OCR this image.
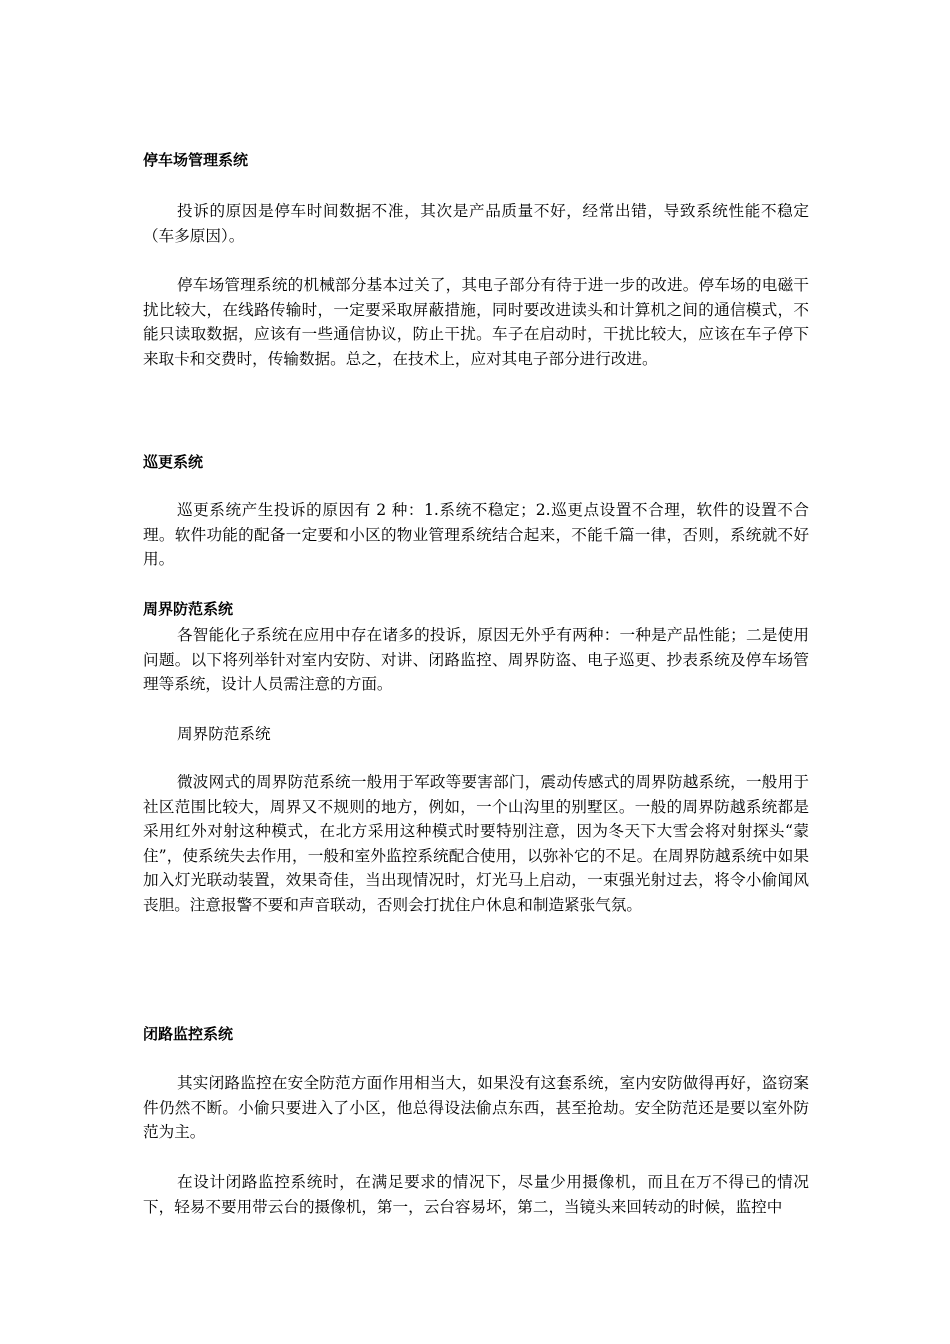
停车场管理系统

投诉的原因是停车时间数据不准，其次是产品质量不好，经常出错，导致系统性能不稳定（车多原因）。

停车场管理系统的机械部分基本过关了，其电子部分有待于进一步的改进。停车场的电磁干扰比较大，在线路传输时，一定要采取屏蔽措施，同时要改进读头和计算机之间的通信模式，不能只读取数据，应该有一些通信协议，防止干扰。车子在启动时，干扰比较大，应该在车子停下来取卡和交费时，传输数据。总之，在技术上，应对其电子部分进行改进。

巡更系统

巡更系统产生投诉的原因有 2 种：1.系统不稳定；2.巡更点设置不合理，软件的设置不合理。软件功能的配备一定要和小区的物业管理系统结合起来，不能千篇一律，否则，系统就不好用。

周界防范系统

各智能化子系统在应用中存在诸多的投诉，原因无外乎有两种：一种是产品性能；二是使用问题。以下将列举针对室内安防、对讲、闭路监控、周界防盗、电子巡更、抄表系统及停车场管理等系统，设计人员需注意的方面。

周界防范系统

微波网式的周界防范系统一般用于军政等要害部门，震动传感式的周界防越系统，一般用于社区范围比较大，周界又不规则的地方，例如，一个山沟里的别墅区。一般的周界防越系统都是采用红外对射这种模式，在北方采用这种模式时要特别注意，因为冬天下大雪会将对射探头“蒙住”，使系统失去作用，一般和室外监控系统配合使用，以弥补它的不足。在周界防越系统中如果加入灯光联动装置，效果奇佳，当出现情况时，灯光马上启动，一束强光射过去，将令小偷闻风丧胆。注意报警不要和声音联动，否则会打扰住户休息和制造紧张气氛。

闭路监控系统

其实闭路监控在安全防范方面作用相当大，如果没有这套系统，室内安防做得再好，盗窃案件仍然不断。小偷只要进入了小区，他总得设法偷点东西，甚至抢劫。安全防范还是要以室外防范为主。

在设计闭路监控系统时，在满足要求的情况下，尽量少用摄像机，而且在万不得已的情况下，轻易不要用带云台的摄像机，第一，云台容易坏，第二，当镜头来回转动的时候，监控中
